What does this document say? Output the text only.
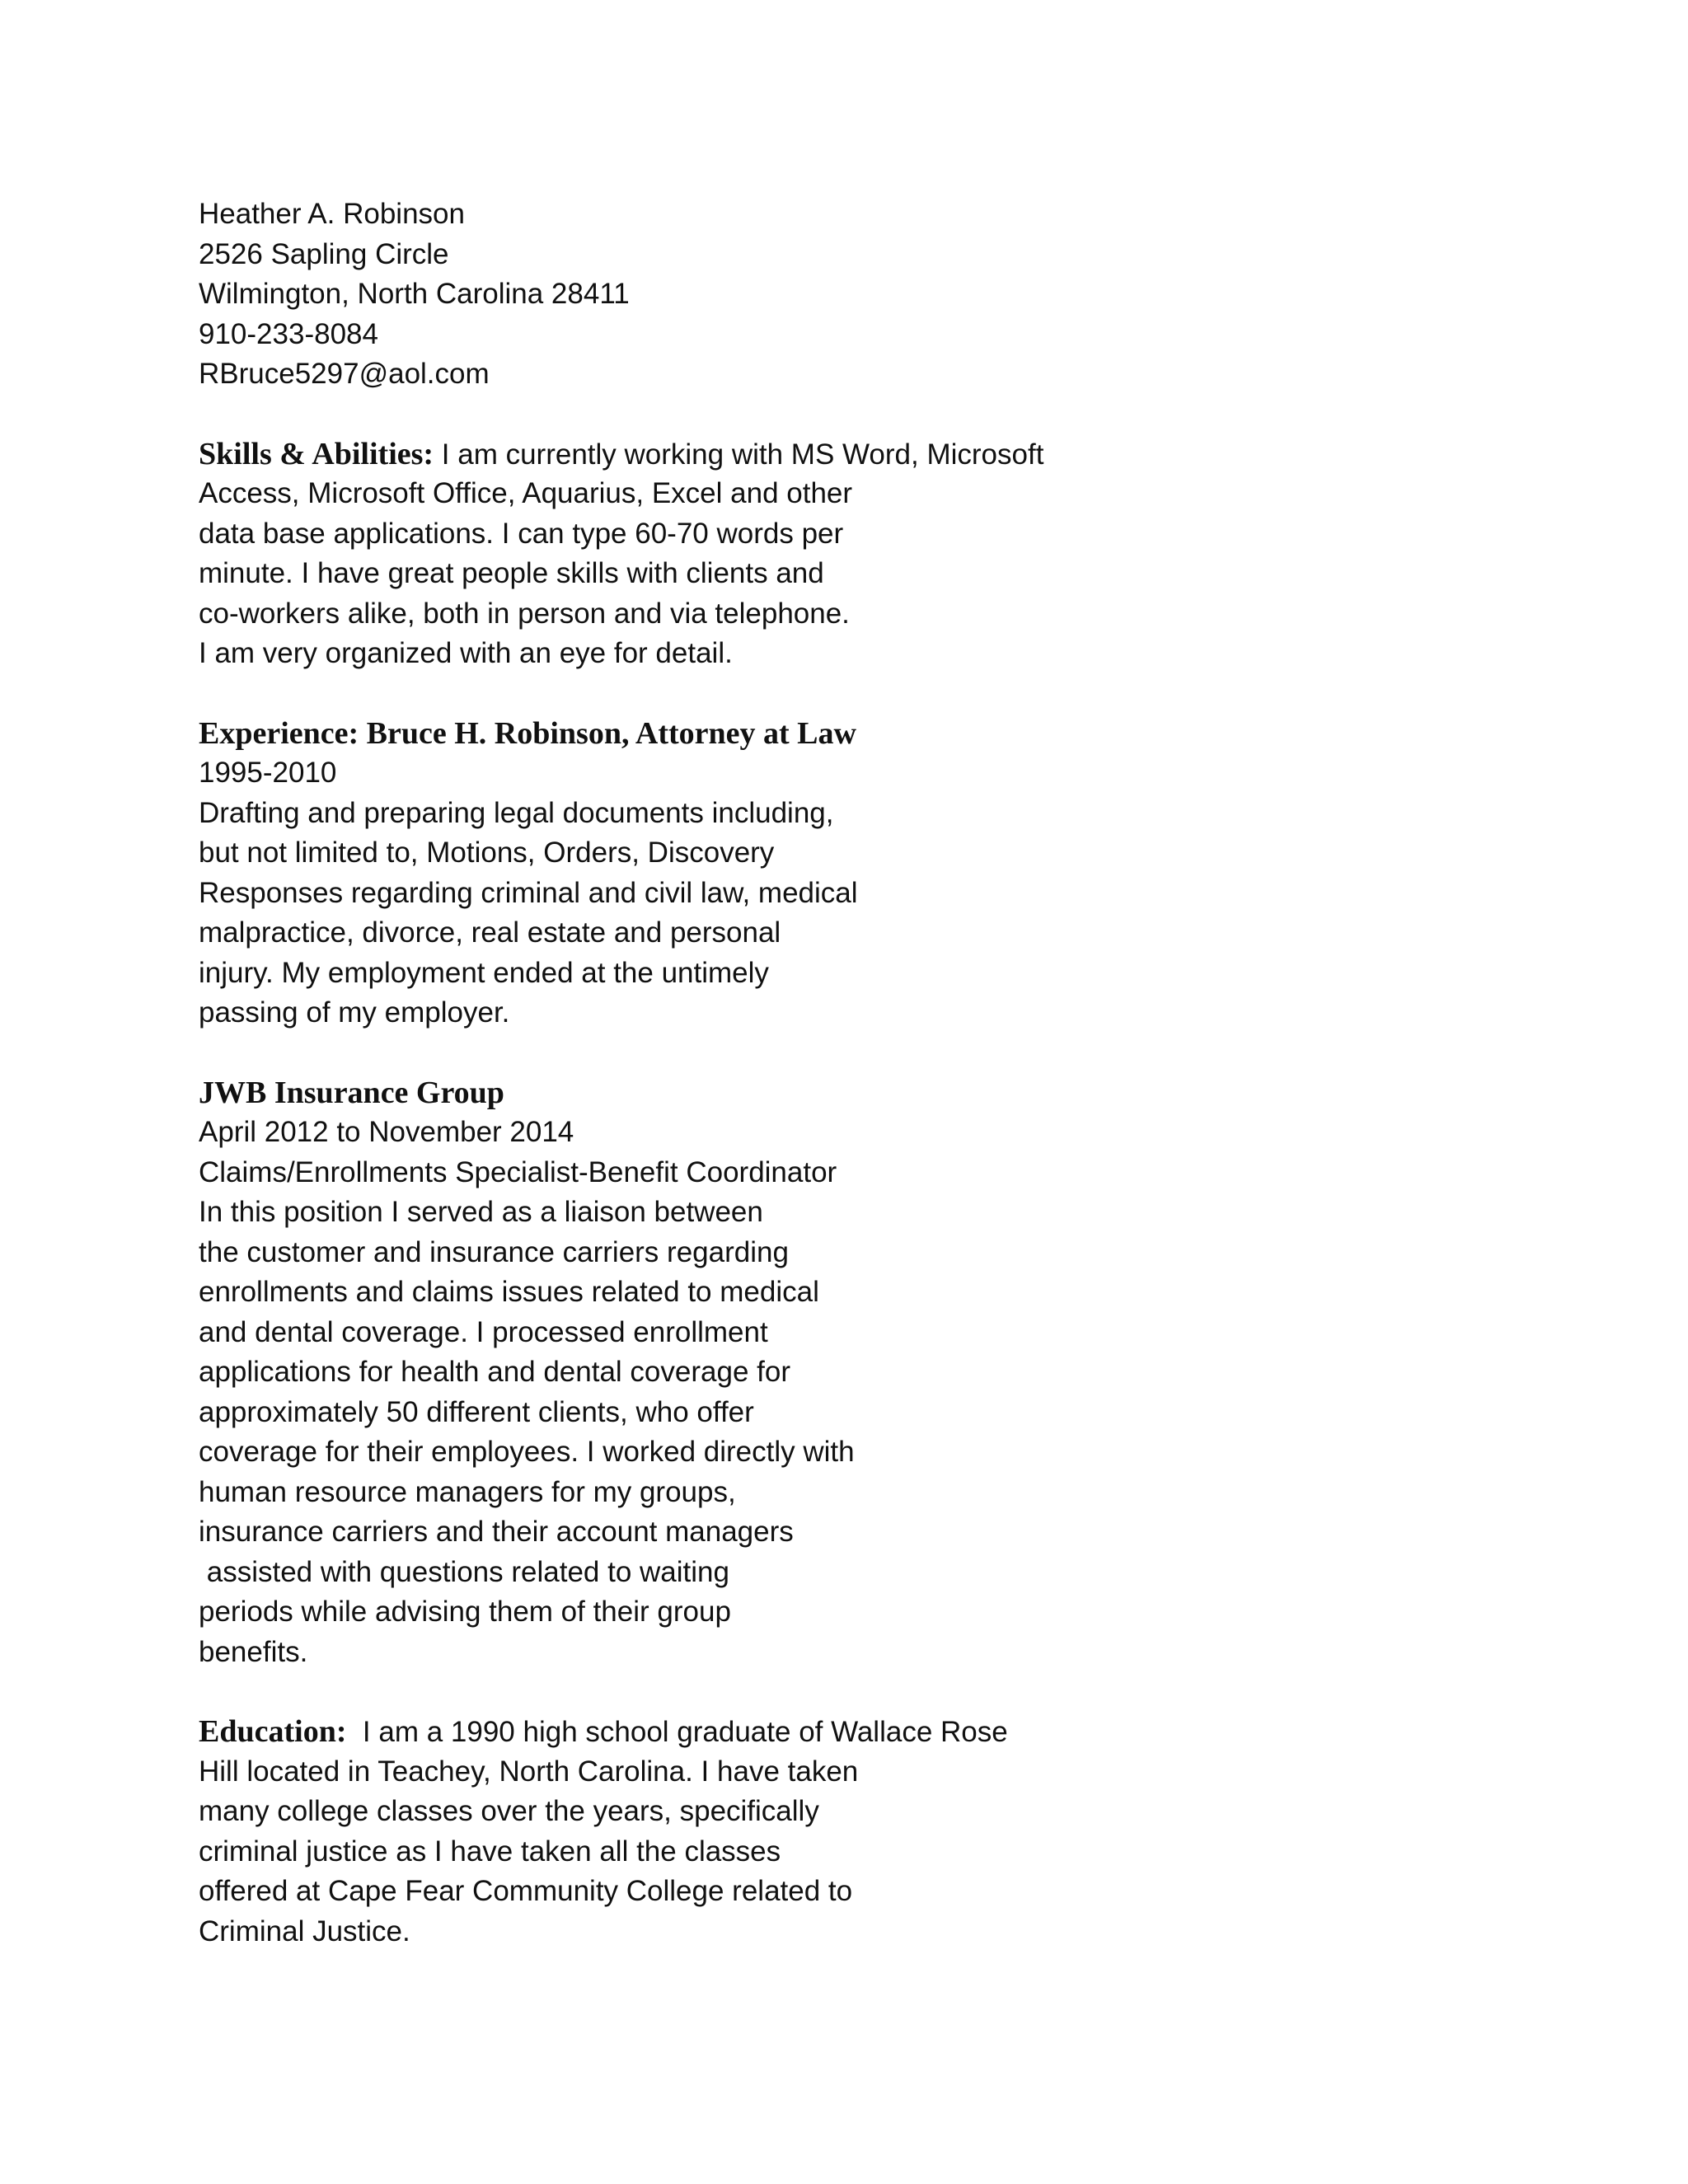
Heather A. Robinson
2526 Sapling Circle
Wilmington, North Carolina 28411
910-233-8084
RBruce5297@aol.com
Skills & Abilities: I am currently working with MS Word, Microsoft
Access, Microsoft Office, Aquarius, Excel and other
data base applications. I can type 60-70 words per
minute. I have great people skills with clients and
co-workers alike, both in person and via telephone.
I am very organized with an eye for detail.
Experience: Bruce H. Robinson, Attorney at Law
1995-2010
Drafting and preparing legal documents including,
but not limited to, Motions, Orders, Discovery
Responses regarding criminal and civil law, medical
malpractice, divorce, real estate and personal
injury. My employment ended at the untimely
passing of my employer.
JWB Insurance Group
April 2012 to November 2014
Claims/Enrollments Specialist-Benefit Coordinator
In this position I served as a liaison between
the customer and insurance carriers regarding
enrollments and claims issues related to medical
and dental coverage. I processed enrollment
applications for health and dental coverage for
approximately 50 different clients, who offer
coverage for their employees. I worked directly with
human resource managers for my groups,
insurance carriers and their account managers
assisted with questions related to waiting
periods while advising them of their group
benefits.
Education:  I am a 1990 high school graduate of Wallace Rose
Hill located in Teachey, North Carolina. I have taken
many college classes over the years, specifically
criminal justice as I have taken all the classes
offered at Cape Fear Community College related to
Criminal Justice.
